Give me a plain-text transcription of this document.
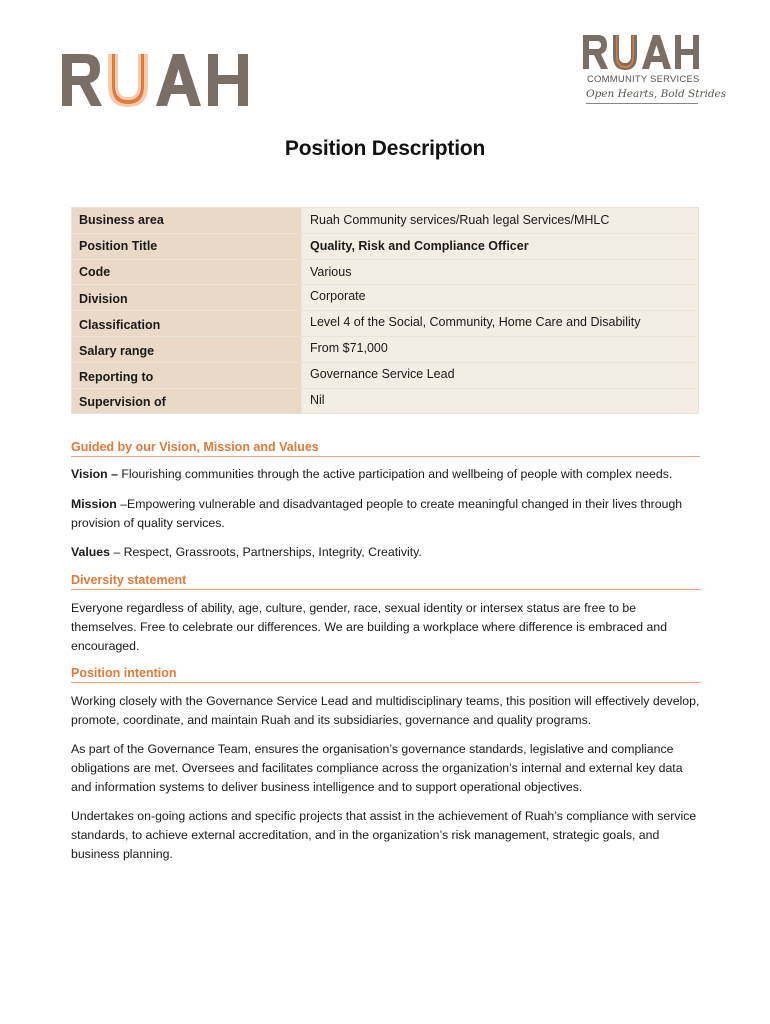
COMMUNITY SERVICES
Open Hearts, Bold Strides
Position Description
Business area	Ruah Community services/Ruah legal Services/MHLC
Position Title	Quality, Risk and Compliance Officer
Code	Various
Division	Corporate
Classification	Level 4 of the Social, Community, Home Care and Disability
Salary range	From $71,000
Reporting to	Governance Service Lead
Supervision of	Nil
Guided by our Vision, Mission and Values

Vision – Flourishing communities through the active participation and wellbeing of people with complex needs.

Mission –Empowering vulnerable and disadvantaged people to create meaningful changed in their lives through provision of quality services.

Values – Respect, Grassroots, Partnerships, Integrity, Creativity.

Diversity statement

Everyone regardless of ability, age, culture, gender, race, sexual identity or intersex status are free to be themselves. Free to celebrate our differences. We are building a workplace where difference is embraced and encouraged.

Position intention

Working closely with the Governance Service Lead and multidisciplinary teams, this position will effectively develop, promote, coordinate, and maintain Ruah and its subsidiaries, governance and quality programs.

As part of the Governance Team, ensures the organisation’s governance standards, legislative and compliance obligations are met. Oversees and facilitates compliance across the organization’s internal and external key data and information systems to deliver business intelligence and to support operational objectives.

Undertakes on-going actions and specific projects that assist in the achievement of Ruah’s compliance with service standards, to achieve external accreditation, and in the organization’s risk management, strategic goals, and business planning.
